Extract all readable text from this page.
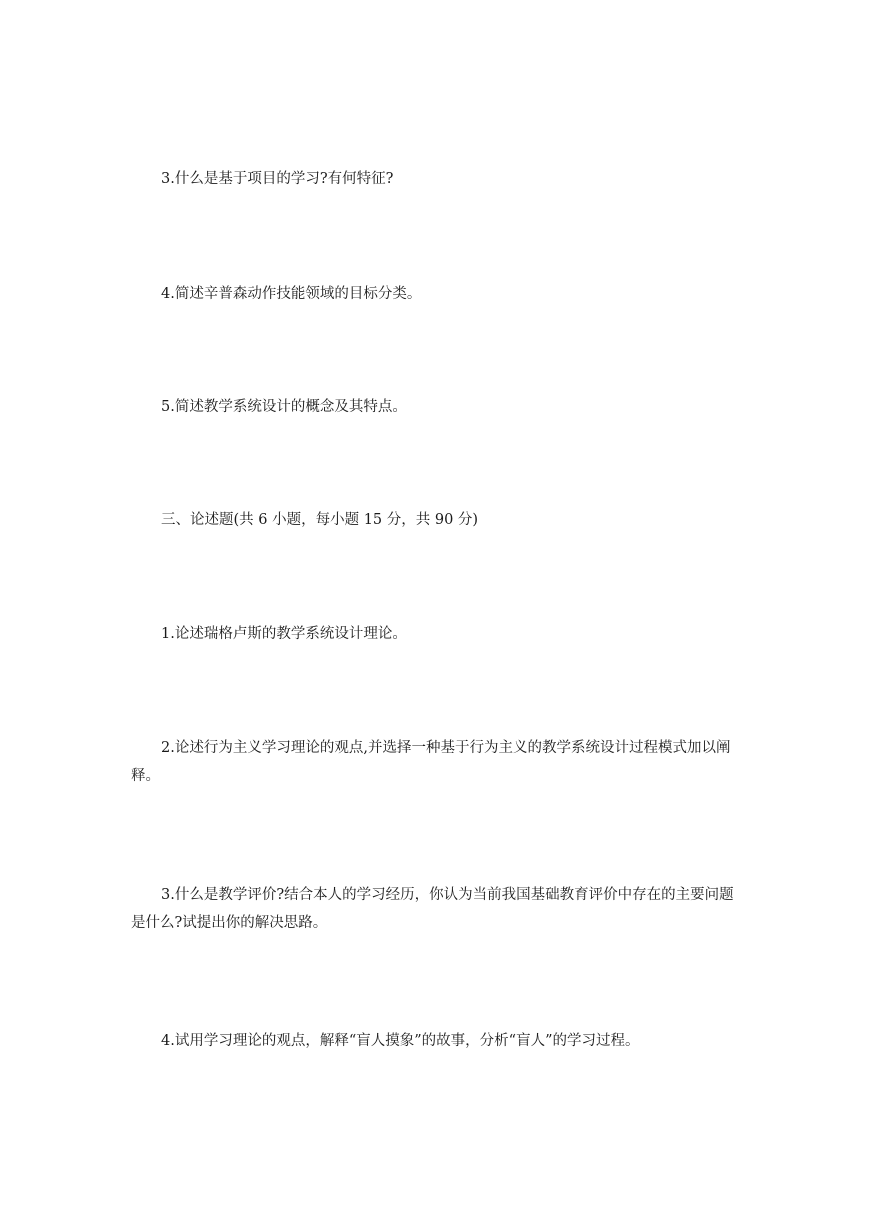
3.什么是基于项目的学习?有何特征?

4.简述辛普森动作技能领域的目标分类。

5.简述教学系统设计的概念及其特点。

三、论述题(共 6 小题，每小题 15 分，共 90 分)

1.论述瑞格卢斯的教学系统设计理论。

2.论述行为主义学习理论的观点,并选择一种基于行为主义的教学系统设计过程模式加以阐释。

3.什么是教学评价?结合本人的学习经历，你认为当前我国基础教育评价中存在的主要问题是什么?试提出你的解决思路。

4.试用学习理论的观点，解释“盲人摸象”的故事，分析“盲人”的学习过程。
